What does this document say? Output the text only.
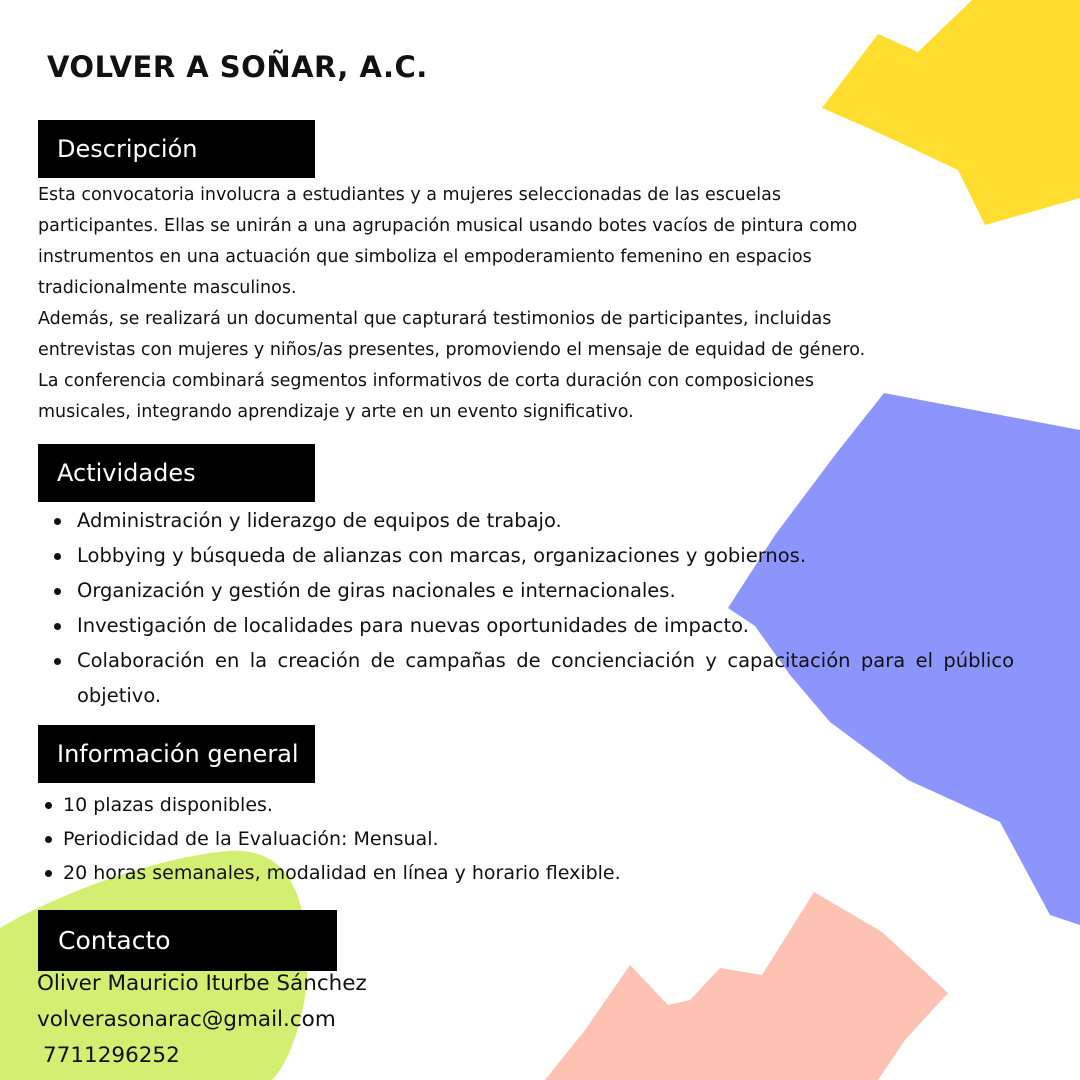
VOLVER A SOÑAR, A.C.
Descripción

Esta convocatoria involucra a estudiantes y a mujeres seleccionadas de las escuelas

participantes. Ellas se unirán a una agrupación musical usando botes vacíos de pintura como

instrumentos en una actuación que simboliza el empoderamiento femenino en espacios

tradicionalmente masculinos.

Además, se realizará un documental que capturará testimonios de participantes, incluidas

entrevistas con mujeres y niños/as presentes, promoviendo el mensaje de equidad de género.

La conferencia combinará segmentos informativos de corta duración con composiciones

musicales, integrando aprendizaje y arte en un evento significativo.

Actividades
Administración y liderazgo de equipos de trabajo.
Lobbying y búsqueda de alianzas con marcas, organizaciones y gobiernos.
Organización y gestión de giras nacionales e internacionales.
Investigación de localidades para nuevas oportunidades de impacto.
Colaboración en la creación de campañas de concienciación y capacitación para el público objetivo.
Información general
10 plazas disponibles.
Periodicidad de la Evaluación: Mensual.
20 horas semanales, modalidad en línea y horario flexible.
Contacto
Oliver Mauricio Iturbe Sánchez
volverasonarac@gmail.com
7711296252
